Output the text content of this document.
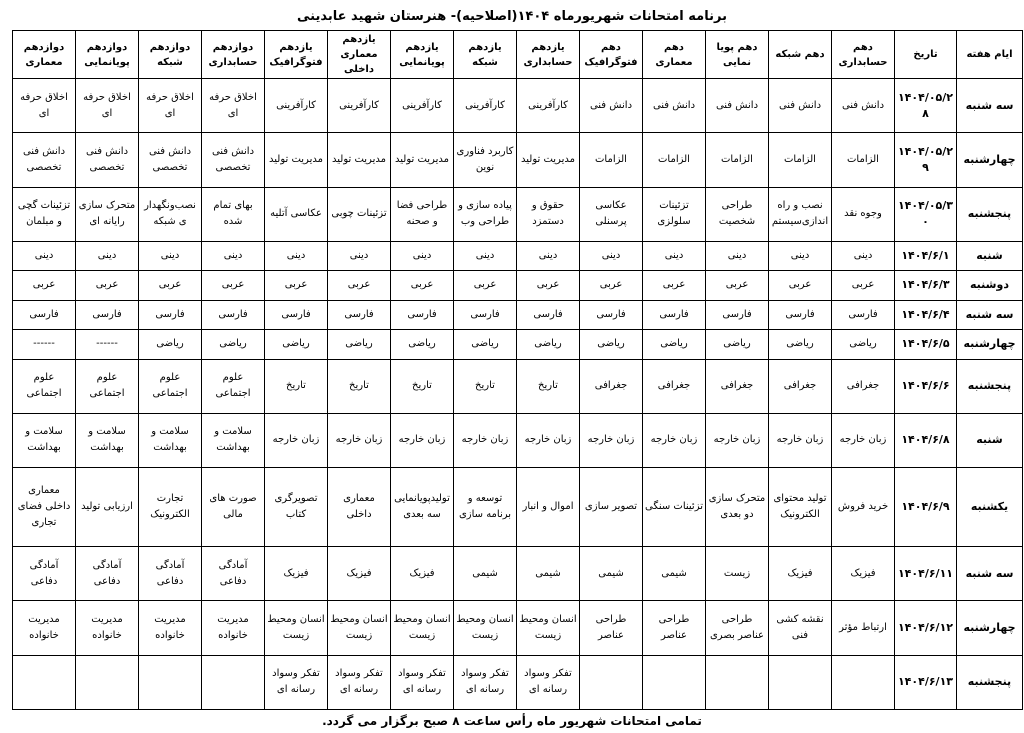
برنامه امتحانات شهریورماه ۱۴۰۴(اصلاحیه)- هنرستان شهید عابدینی
ایام هفته	تاریخ	دهم حسابداری	دهم شبکه	دهم پویا نمایی	دهم معماری	دهم فتوگرافیک	یازدهم حسابداری	یازدهم شبکه	یازدهم پویانمایی	یازدهم معماری داخلی	یازدهم فتوگرافیک	دوازدهم حسابداری	دوازدهم شبکه	دوازدهم پویانمایی	دوازدهم معماری
سه شنبه	۱۴۰۴/۰۵/۲۸	دانش فنی	دانش فنی	دانش فنی	دانش فنی	دانش فنی	کارآفرینی	کارآفرینی	کارآفرینی	کارآفرینی	کارآفرینی	اخلاق حرفه ای	اخلاق حرفه ای	اخلاق حرفه ای	اخلاق حرفه ای
چهارشنبه	۱۴۰۴/۰۵/۲۹	الزامات	الزامات	الزامات	الزامات	الزامات	مدیریت تولید	کاربرد فناوری نوین	مدیریت تولید	مدیریت تولید	مدیریت تولید	دانش فنی تخصصی	دانش فنی تخصصی	دانش فنی تخصصی	دانش فنی تخصصی
پنجشنبه	۱۴۰۴/۰۵/۳۰	وجوه نقد	نصب و راه اندازی‌سیستم	طراحی شخصیت	تزئینات سلولزی	عکاسی پرسنلی	حقوق و دستمزد	پیاده سازی و طراحی وب	طراحی فضا و صحنه	تزئینات چوبی	عکاسی آتلیه	بهای تمام شده	نصب‌ونگهداری شبکه	متحرک سازی رایانه ای	تزئینات گچی و مبلمان
شنبه	۱۴۰۴/۶/۱	دینی	دینی	دینی	دینی	دینی	دینی	دینی	دینی	دینی	دینی	دینی	دینی	دینی	دینی
دوشنبه	۱۴۰۴/۶/۳	عربی	عربی	عربی	عربی	عربی	عربی	عربی	عربی	عربی	عربی	عربی	عربی	عربی	عربی
سه شنبه	۱۴۰۴/۶/۴	فارسی	فارسی	فارسی	فارسی	فارسی	فارسی	فارسی	فارسی	فارسی	فارسی	فارسی	فارسی	فارسی	فارسی
چهارشنبه	۱۴۰۴/۶/۵	ریاضی	ریاضی	ریاضی	ریاضی	ریاضی	ریاضی	ریاضی	ریاضی	ریاضی	ریاضی	ریاضی	ریاضی	------	------
پنجشنبه	۱۴۰۴/۶/۶	جغرافی	جغرافی	جغرافی	جغرافی	جغرافی	تاریخ	تاریخ	تاریخ	تاریخ	تاریخ	علوم اجتماعی	علوم اجتماعی	علوم اجتماعی	علوم اجتماعی
شنبه	۱۴۰۴/۶/۸	زبان خارجه	زبان خارجه	زبان خارجه	زبان خارجه	زبان خارجه	زبان خارجه	زبان خارجه	زبان خارجه	زبان خارجه	زبان خارجه	سلامت و بهداشت	سلامت و بهداشت	سلامت و بهداشت	سلامت و بهداشت
یکشنبه	۱۴۰۴/۶/۹	خرید فروش	تولید محتوای الکترونیک	متحرک سازی دو بعدی	تزئینات سنگی	تصویر سازی	اموال و انبار	توسعه و برنامه سازی	تولیدپویانمایی سه بعدی	معماری داخلی	تصویرگری کتاب	صورت های مالی	تجارت الکترونیک	ارزیابی تولید	معماری داخلی فضای تجاری
سه شنبه	۱۴۰۴/۶/۱۱	فیزیک	فیزیک	زیست	شیمی	شیمی	شیمی	شیمی	فیزیک	فیزیک	فیزیک	آمادگی دفاعی	آمادگی دفاعی	آمادگی دفاعی	آمادگی دفاعی
چهارشنبه	۱۴۰۴/۶/۱۲	ارتباط مؤثر	نقشه کشی فنی	طراحی عناصر بصری	طراحی عناصر	طراحی عناصر	انسان ومحیط زیست	انسان ومحیط زیست	انسان ومحیط زیست	انسان ومحیط زیست	انسان ومحیط زیست	مدیریت خانواده	مدیریت خانواده	مدیریت خانواده	مدیریت خانواده
پنجشنبه	۱۴۰۴/۶/۱۳						تفکر وسواد رسانه ای	تفکر وسواد رسانه ای	تفکر وسواد رسانه ای	تفکر وسواد رسانه ای	تفکر وسواد رسانه ای				
تمامی امتحانات شهریور ماه رأس ساعت ۸ صبح برگزار می گردد.
